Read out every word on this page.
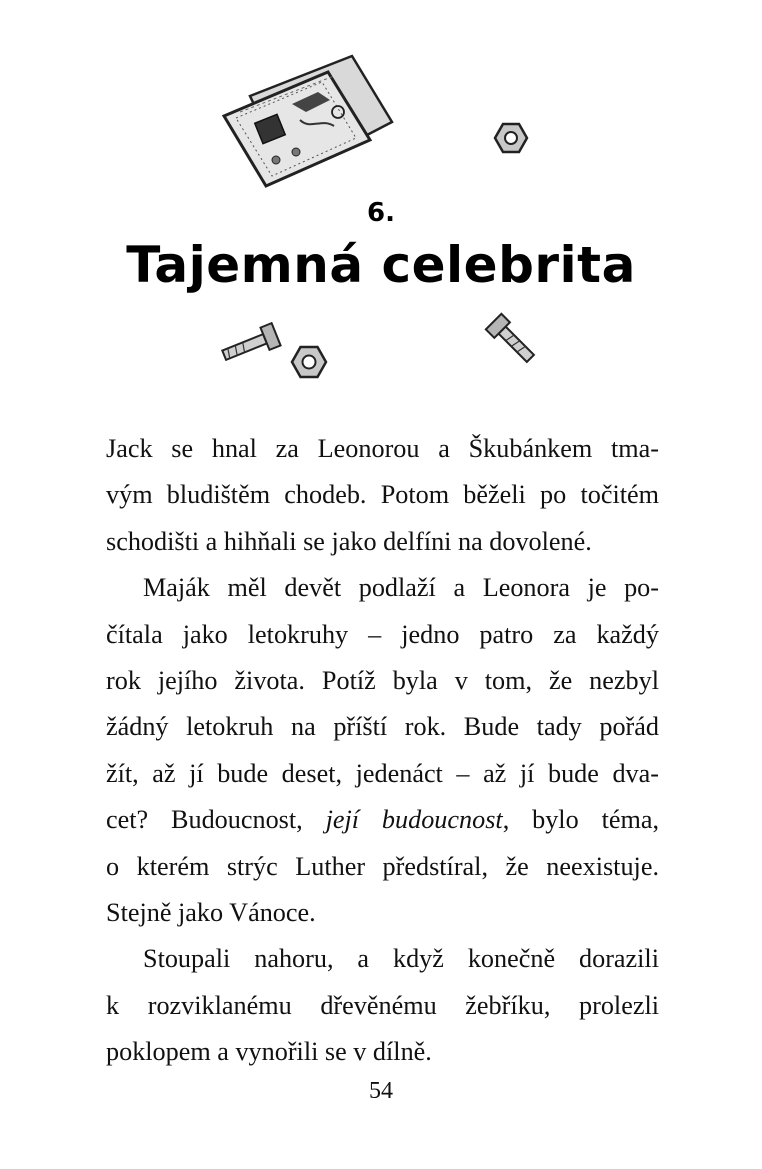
6.
Tajemná celebrita

Jack se hnal za Leonorou a Škubánkem tma-
vým bludištěm chodeb. Potom běželi po točitém
schodišti a hihňali se jako delfíni na dovolené.

Maják měl devět podlaží a Leonora je po-
čítala jako letokruhy – jedno patro za každý
rok jejího života. Potíž byla v tom, že nezbyl
žádný letokruh na příští rok. Bude tady pořád
žít, až jí bude deset, jedenáct – až jí bude dva-
cet? Budoucnost, její budoucnost, bylo téma,
o kterém strýc Luther předstíral, že neexistuje.
Stejně jako Vánoce.

Stoupali nahoru, a když konečně dorazili
k rozviklanému dřevěnému žebříku, prolezli
poklopem a vynořili se v dílně.

54
